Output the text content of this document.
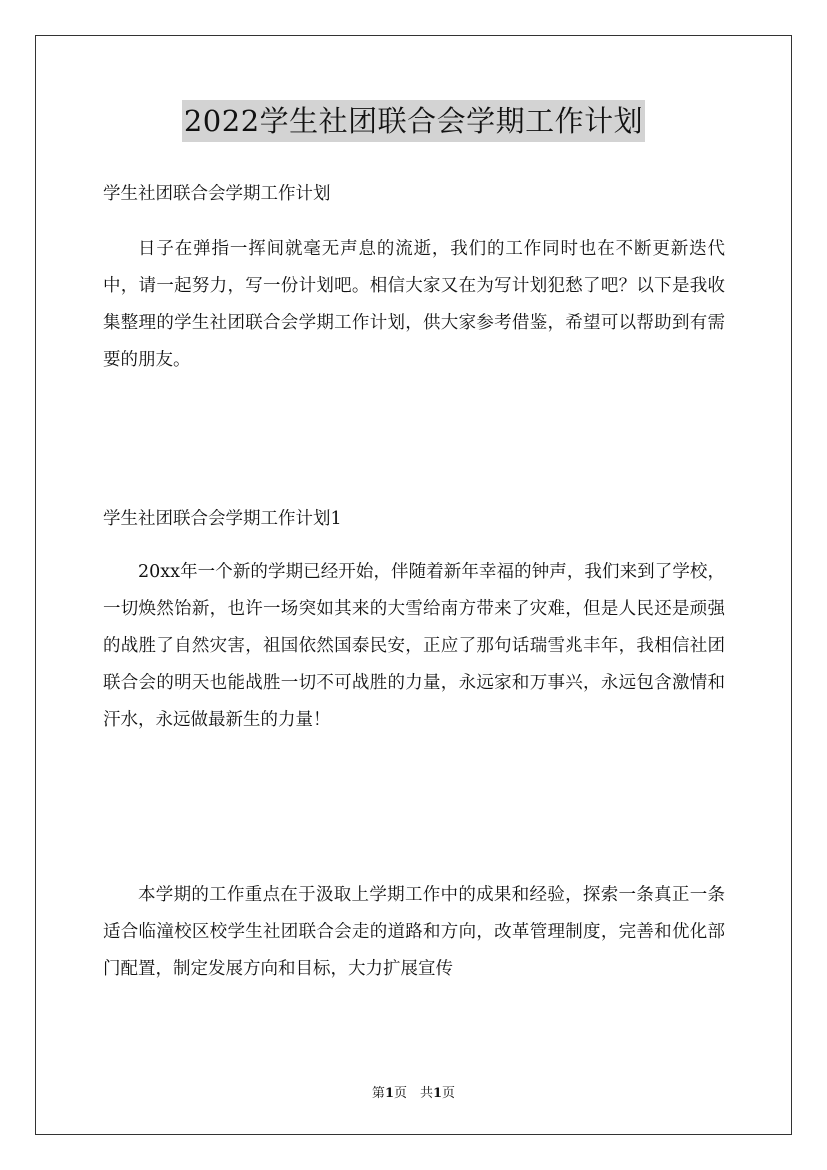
2022学生社团联合会学期工作计划
学生社团联合会学期工作计划

日子在弹指一挥间就毫无声息的流逝，我们的工作同时也在不断更新迭代中，请一起努力，写一份计划吧。相信大家又在为写计划犯愁了吧？以下是我收集整理的学生社团联合会学期工作计划，供大家参考借鉴，希望可以帮助到有需要的朋友。

学生社团联合会学期工作计划1

20xx年一个新的学期已经开始，伴随着新年幸福的钟声，我们来到了学校，一切焕然饴新，也许一场突如其来的大雪给南方带来了灾难，但是人民还是顽强的战胜了自然灾害，祖国依然国泰民安，正应了那句话瑞雪兆丰年，我相信社团联合会的明天也能战胜一切不可战胜的力量，永远家和万事兴，永远包含激情和汗水，永远做最新生的力量！

本学期的工作重点在于汲取上学期工作中的成果和经验，探索一条真正一条适合临潼校区校学生社团联合会走的道路和方向，改革管理制度，完善和优化部门配置，制定发展方向和目标，大力扩展宣传

第1页　共1页
